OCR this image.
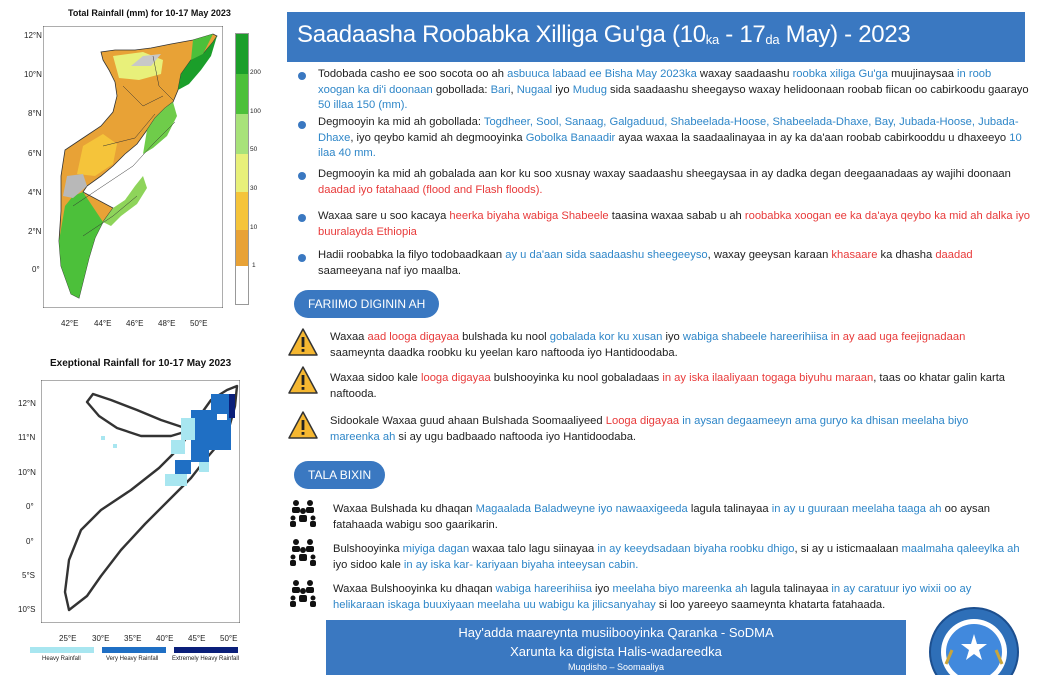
Total Rainfall (mm) for 10-17 May 2023
12°N
10°N
8°N
6°N
4°N
2°N
0°
42°E 44°E 46°E 48°E 50°E
200
100
50
30
10
1
Exeptional Rainfall for 10-17 May 2023
12°N
11°N
10°N
0°
0°
5°S
10°S
25°E 30°E 35°E 40°E 45°E 50°E
Heavy Rainfall	Very Heavy Rainfall Extremely Heavy Rainfall
Saadaasha Roobabka Xilliga Gu'ga ($10_{ka} - 17_{da}$ May) - 2023
Todobada casho ee soo socota oo ah asbuuca labaad ee Bisha May 2023ka waxay saadaashu roobka xiliga Gu'ga muujinaysaa in roob xoogan ka di'i doonaan gobollada: Bari, Nugaal iyo Mudug sida saadaashu sheegayso waxay helidoonaan roobab fiican oo cabirkoodu gaarayo 50 illaa 150 (mm).
Degmooyin ka mid ah gobollada: Togdheer, Sool, Sanaag, Galgaduud, Shabeelada-Hoose, Shabeelada-Dhaxe, Bay, Jubada-Hoose, Jubada-Dhaxe, iyo qeybo kamid ah degmooyinka Gobolka Banaadir ayaa waxaa la saadaalinayaa in ay ka da'aan roobab cabirkooddu u dhaxeeyo 10 ilaa 40 mm.
Degmooyin ka mid ah gobalada aan kor ku soo xusnay waxay saadaashu sheegaysaa in ay dadka degan deegaanadaas ay wajihi doonaan daadad iyo fatahaad (flood and Flash floods).
Waxaa sare u soo kacaya heerka biyaha wabiga Shabeele taasina waxaa sabab u ah roobabka xoogan ee ka da'aya qeybo ka mid ah dalka iyo buuralayda Ethiopia
Hadii roobabka la filyo todobaadkaan ay u da'aan sida saadaashu sheegeeyso, waxay geeysan karaan khasaare ka dhasha daadad saameeyana naf iyo maalba.
FARIIMO DIGININ AH
Waxaa aad looga digayaa bulshada ku nool gobalada kor ku xusan iyo wabiga shabeele hareerihiisa in ay aad uga feejignadaan saameynta daadka roobku ku yeelan karo naftooda iyo Hantidoodaba.
Waxaa sidoo kale looga digayaa bulshooyinka ku nool gobaladaas in ay iska ilaaliyaan togaga biyuhu maraan, taas oo khatar galin karta naftooda.
Sidookale Waxaa guud ahaan Bulshada Soomaaliyeed Looga digayaa in aysan degaameeyn ama guryo ka dhisan meelaha biyo mareenka ah si ay ugu badbaado naftooda iyo Hantidoodaba.
TALA BIXIN
Waxaa Bulshada ku dhaqan Magaalada Baladweyne iyo nawaaxigeeda lagula talinayaa in ay u guuraan meelaha taaga ah oo aysan fatahaada wabigu soo gaarikarin.
Bulshooyinka miyiga dagan waxaa talo lagu siinayaa in ay keeydsadaan biyaha roobku dhigo, si ay u isticmaalaan maalmaha qaleeylka ah iyo sidoo kale in ay iska kar- kariyaan biyaha inteeysan cabin.
Waxaa Bulshooyinka ku dhaqan wabiga hareerihiisa iyo meelaha biyo mareenka ah lagula talinayaa in ay caratuur iyo wixii oo ay helikaraan iskaga buuxiyaan meelaha uu wabigu ka jilicsanyahay si loo yareeyo saameynta khatarta fatahaada.
Hay'adda maareynta musiibooyinka Qaranka - SoDMA
Xarunta ka digista Halis-wadareedka
Muqdisho – Soomaaliya
